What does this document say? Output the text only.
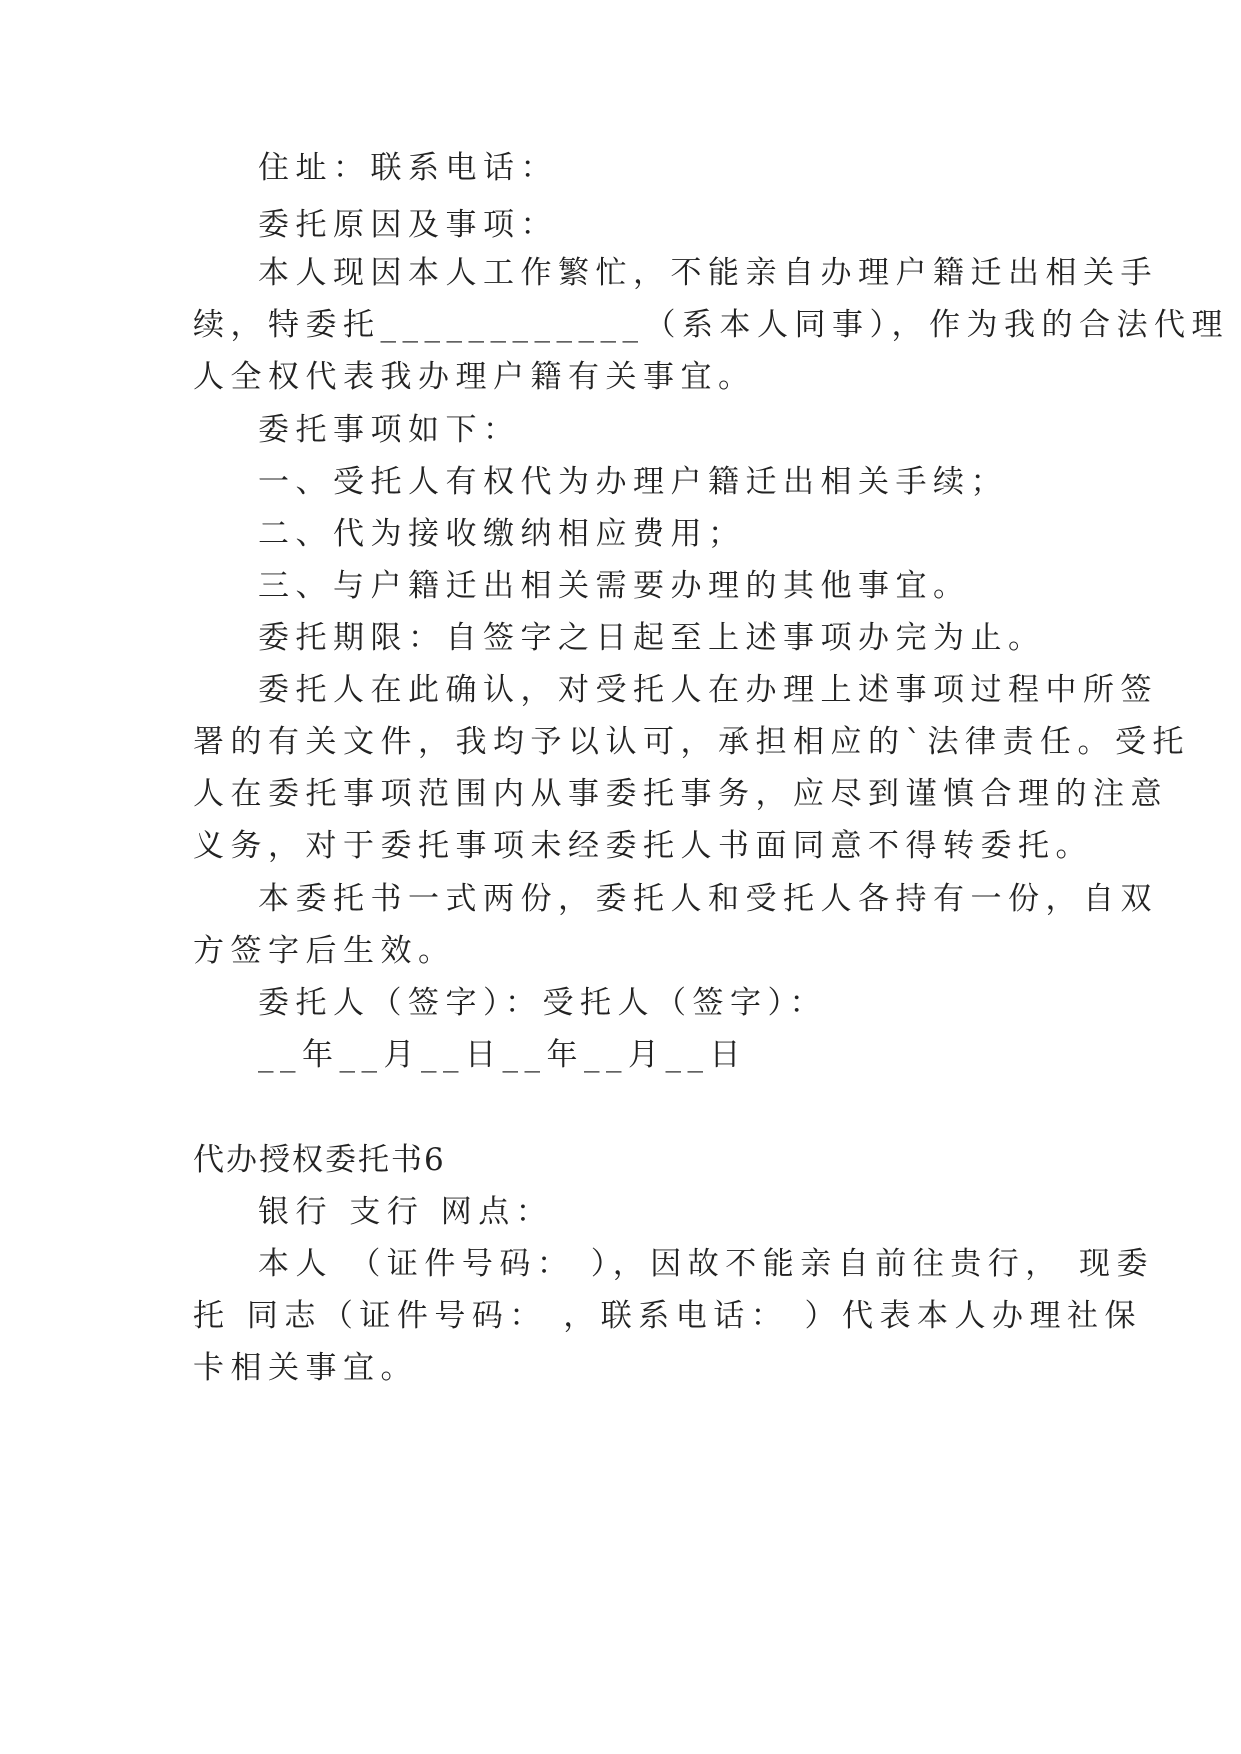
住址：联系电话：
委托原因及事项：
本人现因本人工作繁忙，不能亲自办理户籍迁出相关手
续，特委托____________（系本人同事），作为我的合法代理
人全权代表我办理户籍有关事宜。
委托事项如下：
一、受托人有权代为办理户籍迁出相关手续；
二、代为接收缴纳相应费用；
三、与户籍迁出相关需要办理的其他事宜。
委托期限：自签字之日起至上述事项办完为止。
委托人在此确认，对受托人在办理上述事项过程中所签
署的有关文件，我均予以认可，承担相应的`法律责任。受托
人在委托事项范围内从事委托事务，应尽到谨慎合理的注意
义务，对于委托事项未经委托人书面同意不得转委托。
本委托书一式两份，委托人和受托人各持有一份，自双
方签字后生效。
委托人（签字）：受托人（签字）：
__年__月__日__年__月__日
代办授权委托书6
银行 支行 网点：
本人 （证件号码： ），因故不能亲自前往贵行， 现委
托 同志（证件号码： ，联系电话： ）代表本人办理社保
卡相关事宜。
